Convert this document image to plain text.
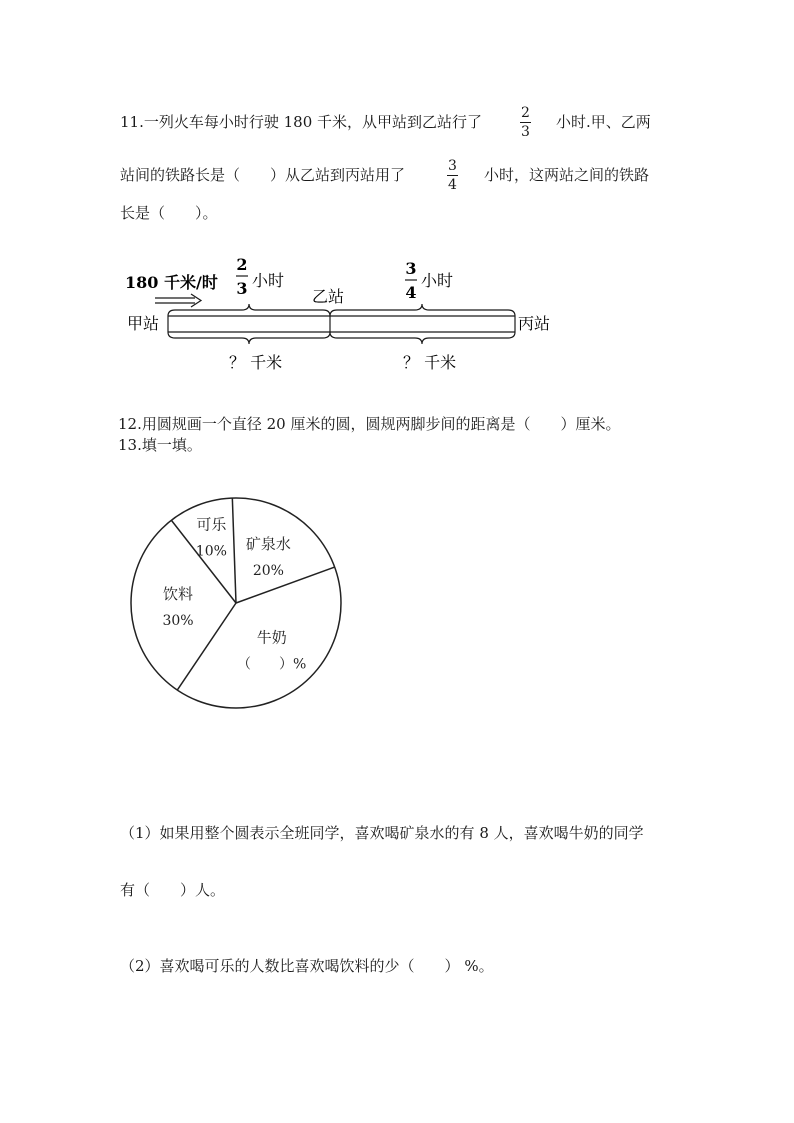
11.一列火车每小时行驶 180 千米，从甲站到乙站行了	2
3
小时.甲、乙两
站间的铁路长是（　　）从乙站到丙站用了	3
4
小时，这两站之间的铁路
长是（　　）。
180 千米/时
2
3 小时
3
4
小时
甲站
乙站
丙站
？ 千米	？ 千米
12.用圆规画一个直径 20 厘米的圆，圆规两脚步间的距离是（　　）厘米。
13.填一填。
矿泉水
20%
牛奶
（　　）%
饮料
30%
可乐
10%
（1）如果用整个圆表示全班同学，喜欢喝矿泉水的有 8 人，喜欢喝牛奶的同学
有（　　）人。
（2）喜欢喝可乐的人数比喜欢喝饮料的少（　　） %。
